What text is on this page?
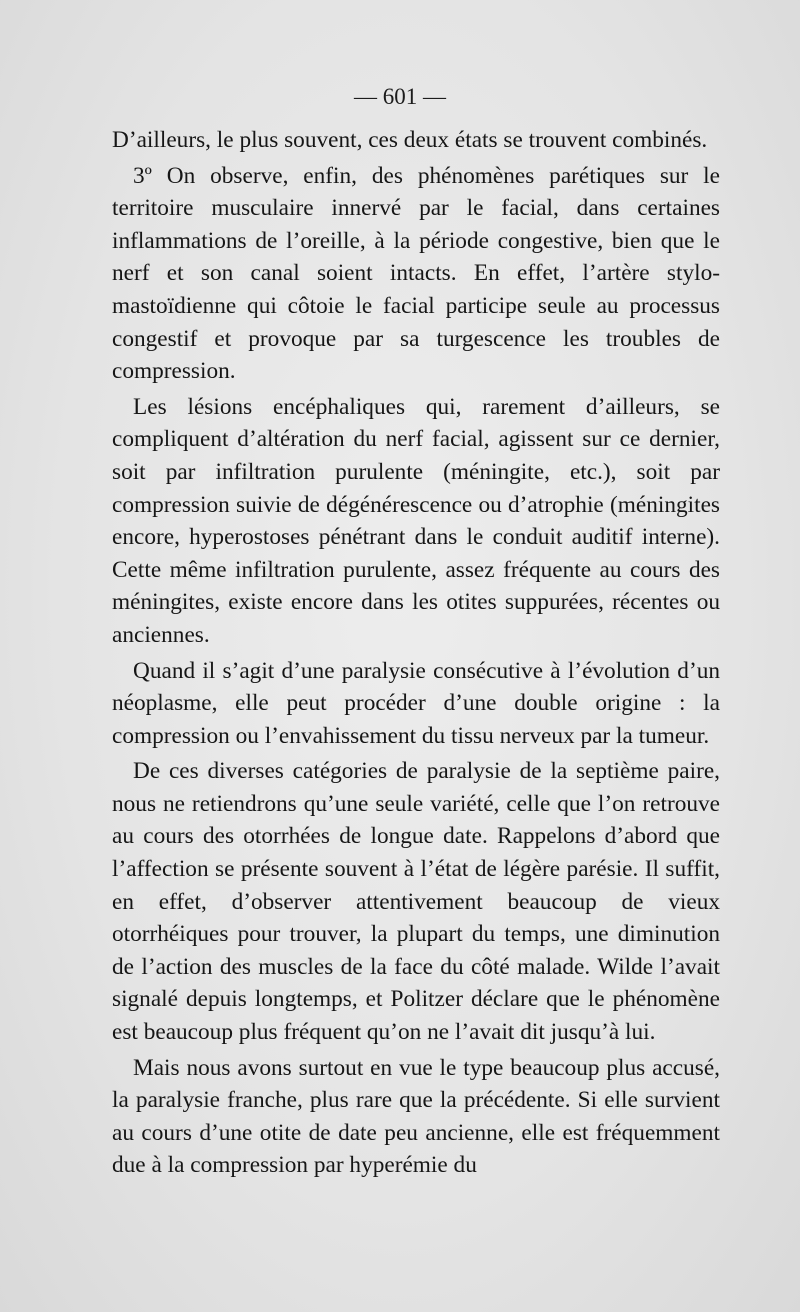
— 601 —

D’ailleurs, le plus souvent, ces deux états se trouvent combinés.

3º On observe, enfin, des phénomènes parétiques sur le territoire musculaire innervé par le facial, dans certaines inflammations de l’oreille, à la période congestive, bien que le nerf et son canal soient intacts. En effet, l’artère stylo-mastoïdienne qui côtoie le facial participe seule au processus congestif et provoque par sa turgescence les troubles de compression.

Les lésions encéphaliques qui, rarement d’ailleurs, se compliquent d’altération du nerf facial, agissent sur ce dernier, soit par infiltration purulente (méningite, etc.), soit par compression suivie de dégénérescence ou d’atrophie (méningites encore, hyperostoses pénétrant dans le conduit auditif interne). Cette même infiltration purulente, assez fréquente au cours des méningites, existe encore dans les otites suppurées, récentes ou anciennes.

Quand il s’agit d’une paralysie consécutive à l’évolution d’un néoplasme, elle peut procéder d’une double origine : la compression ou l’envahissement du tissu nerveux par la tumeur.

De ces diverses catégories de paralysie de la septième paire, nous ne retiendrons qu’une seule variété, celle que l’on retrouve au cours des otorrhées de longue date. Rappelons d’abord que l’affection se présente souvent à l’état de légère parésie. Il suffit, en effet, d’observer attentivement beaucoup de vieux otorrhéiques pour trouver, la plupart du temps, une diminution de l’action des muscles de la face du côté malade. Wilde l’avait signalé depuis longtemps, et Politzer déclare que le phénomène est beaucoup plus fréquent qu’on ne l’avait dit jusqu’à lui.

Mais nous avons surtout en vue le type beaucoup plus accusé, la paralysie franche, plus rare que la précédente. Si elle survient au cours d’une otite de date peu ancienne, elle est fréquemment due à la compression par hyperémie du
